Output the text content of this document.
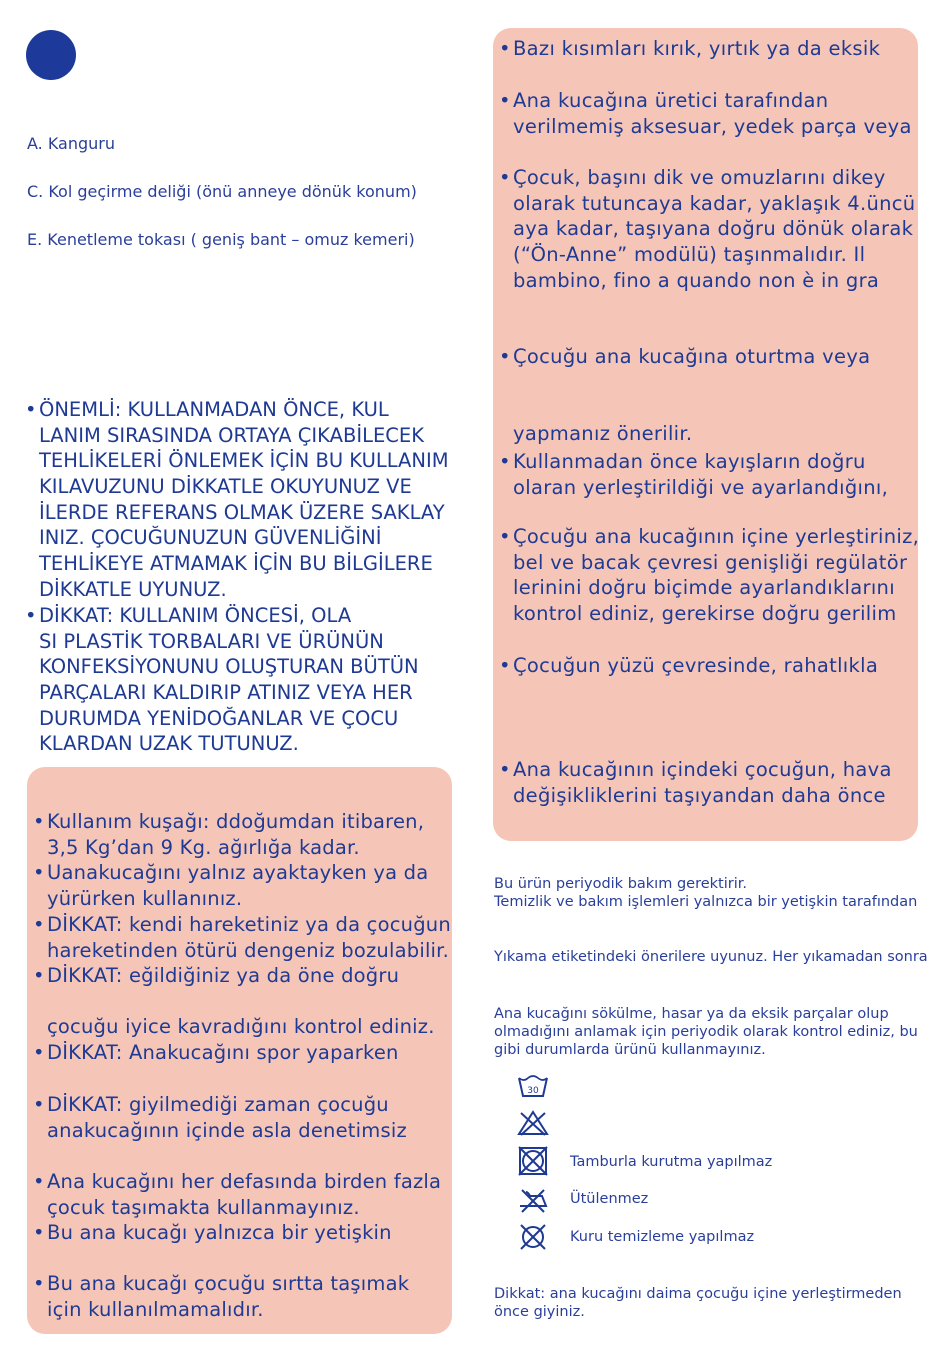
A. Kanguru
C. Kol geçirme deliği (önü anneye dönük konum)
E. Kenetleme tokası ( geniş bant – omuz kemeri)
• ÖNEMLİ: KULLANMADAN ÖNCE, KUL
LANIM SIRASINDA ORTAYA ÇIKABİLECEK
TEHLİKELERİ ÖNLEMEK İÇİN BU KULLANIM
KILAVUZUNU DİKKATLE OKUYUNUZ VE
İLERDE REFERANS OLMAK ÜZERE SAKLAY
INIZ. ÇOCUĞUNUZUN GÜVENLİĞİNİ
TEHLİKEYE ATMAMAK İÇİN BU BİLGİLERE
DİKKATLE UYUNUZ.
• DİKKAT: KULLANIM ÖNCESİ, OLA
SI PLASTİK TORBALARI VE ÜRÜNÜN
KONFEKSİYONUNU OLUŞTURAN BÜTÜN
PARÇALARI KALDIRIP ATINIZ VEYA HER
DURUMDA YENİDOĞANLAR VE ÇOCU
KLARDAN UZAK TUTUNUZ.
• Kullanım kuşağı: ddoğumdan itibaren,
3,5 Kg’dan 9 Kg. ağırlığa kadar.
• Uanakucağını yalnız ayaktayken ya da
yürürken kullanınız.
• DİKKAT: kendi hareketiniz ya da çocuğun
hareketinden ötürü dengeniz bozulabilir.
• DİKKAT: eğildiğiniz ya da öne doğru
çocuğu iyice kavradığını kontrol ediniz.
• DİKKAT: Anakucağını spor yaparken
• DİKKAT: giyilmediği zaman çocuğu
anakucağının içinde asla denetimsiz
• Ana kucağını her defasında birden fazla
çocuk taşımakta kullanmayınız.
• Bu ana kucağı yalnızca bir yetişkin
• Bu ana kucağı çocuğu sırtta taşımak
için kullanılmamalıdır.
• Bazı kısımları kırık, yırtık ya da eksik
• Ana kucağına üretici tarafından
verilmemiş aksesuar, yedek parça veya
• Çocuk, başını dik ve omuzlarını dikey
olarak tutuncaya kadar, yaklaşık 4.üncü
aya kadar, taşıyana doğru dönük olarak
(“Ön-Anne” modülü) taşınmalıdır. Il
bambino, fino a quando non è in gra
• Çocuğu ana kucağına oturtma veya
yapmanız önerilir.
• Kullanmadan önce kayışların doğru
olaran yerleştirildiği ve ayarlandığını,
• Çocuğu ana kucağının içine yerleştiriniz,
bel ve bacak çevresi genişliği regülatör
lerinini doğru biçimde ayarlandıklarını
kontrol ediniz, gerekirse doğru gerilim
• Çocuğun yüzü çevresinde, rahatlıkla
• Ana kucağının içindeki çocuğun, hava
değişikliklerini taşıyandan daha önce
Bu ürün periyodik bakım gerektirir.
Temizlik ve bakım işlemleri yalnızca bir yetişkin tarafından
Yıkama etiketindeki önerilere uyunuz. Her yıkamadan sonra
Ana kucağını sökülme, hasar ya da eksik parçalar olup
olmadığını anlamak için periyodik olarak kontrol ediniz, bu
gibi durumlarda ürünü kullanmayınız.
30
Tamburla kurutma yapılmaz
Ütülenmez
Kuru temizleme yapılmaz
Dikkat: ana kucağını daima çocuğu içine yerleştirmeden
önce giyiniz.
